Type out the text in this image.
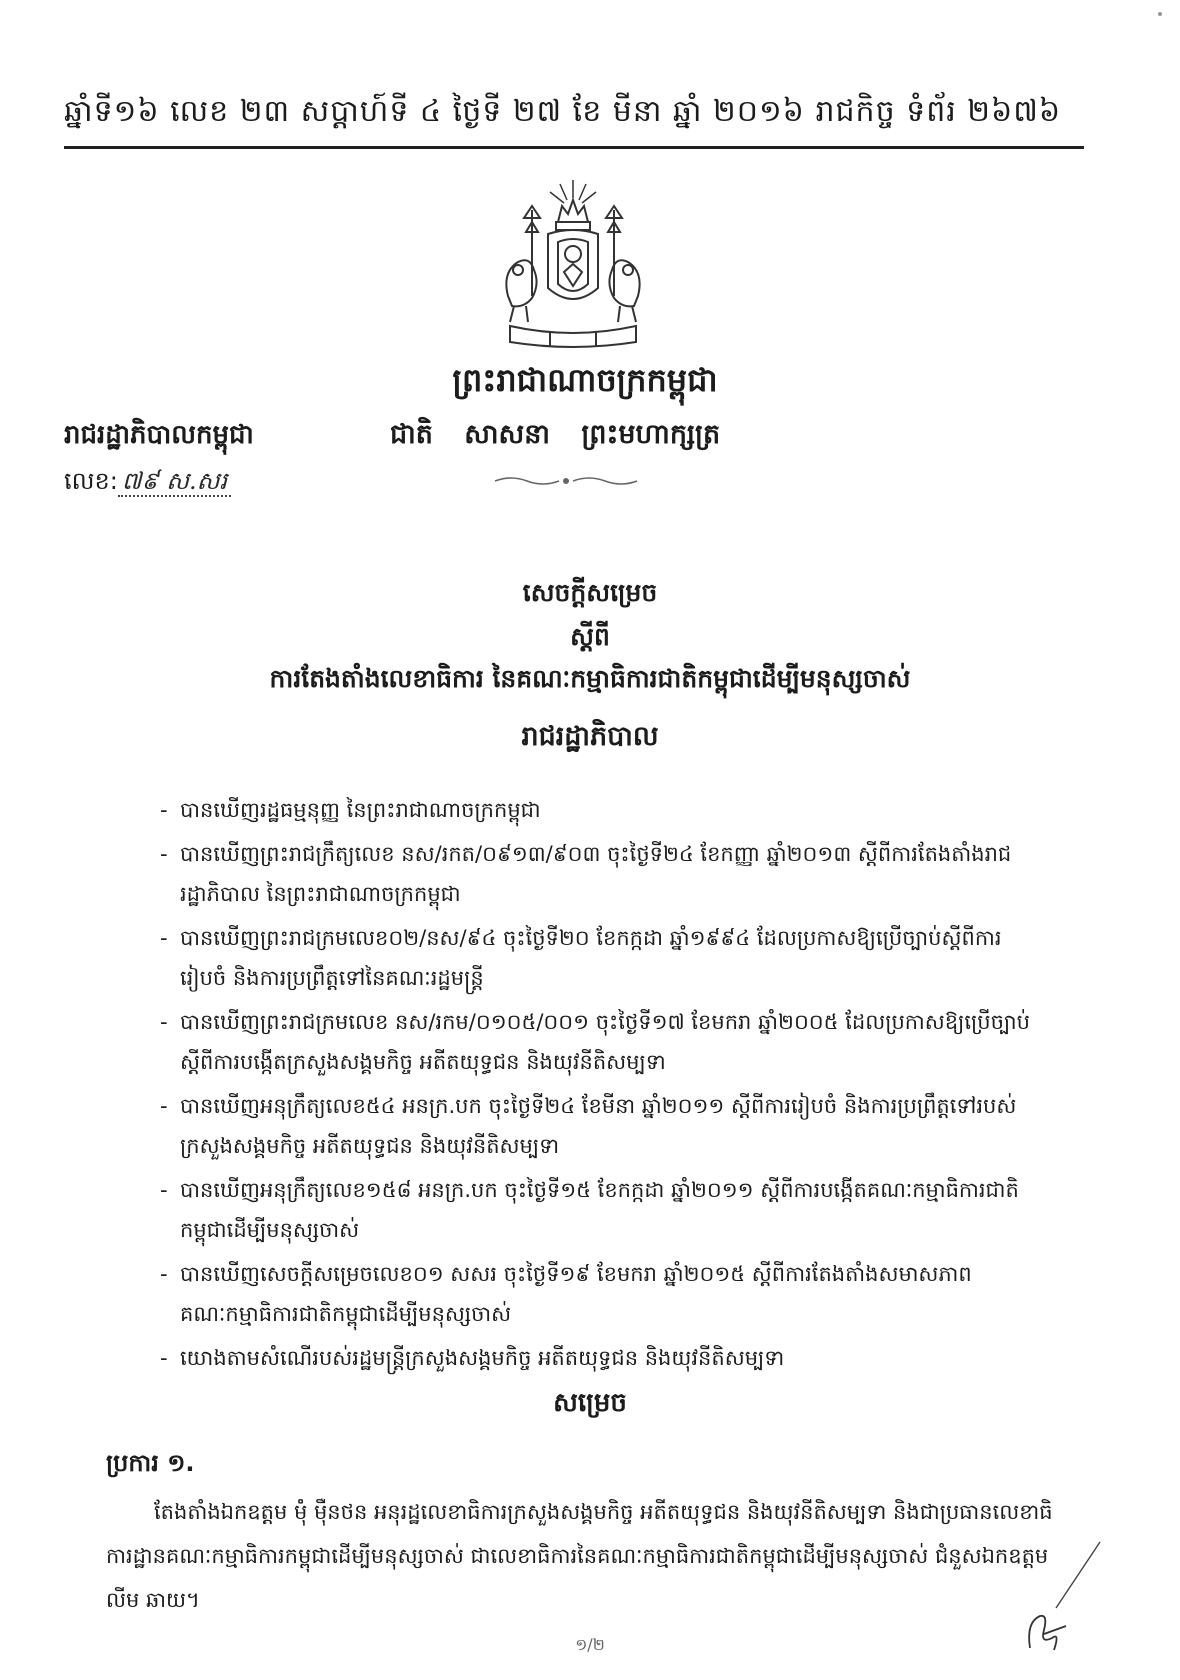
ឆ្នាំទី១៦ លេខ ២៣ សប្តាហ៍ទី ៤ ថ្ងៃទី ២៧ ខែ មីនា ឆ្នាំ ២០១៦ រាជកិច្ច ទំព័រ ២៦៧៦
ព្រះរាជាណាចក្រកម្ពុជា
ជាតិ សាសនា ព្រះមហាក្សត្រ
រាជរដ្ឋាភិបាលកម្ពុជា
លេខ: ៧៩ ស.សរ
សេចក្តីសម្រេច
ស្តីពី
ការតែងតាំងលេខាធិការ នៃគណៈកម្មាធិការជាតិកម្ពុជាដើម្បីមនុស្សចាស់
រាជរដ្ឋាភិបាល
- បានឃើញរដ្ឋធម្មនុញ្ញ នៃព្រះរាជាណាចក្រកម្ពុជា
- បានឃើញព្រះរាជក្រឹត្យលេខ នស/រកត/០៩១៣/៩០៣ ចុះថ្ងៃទី២៤ ខែកញ្ញា ឆ្នាំ២០១៣ ស្តីពីការតែងតាំងរាជរដ្ឋាភិបាល នៃព្រះរាជាណាចក្រកម្ពុជា
- បានឃើញព្រះរាជក្រមលេខ០២/នស/៩៤ ចុះថ្ងៃទី២០ ខែកក្កដា ឆ្នាំ១៩៩៤ ដែលប្រកាសឱ្យប្រើច្បាប់ស្តីពីការរៀបចំ និងការប្រព្រឹត្តទៅនៃគណៈរដ្ឋមន្ត្រី
- បានឃើញព្រះរាជក្រមលេខ នស/រកម/០១០៥/០០១ ចុះថ្ងៃទី១៧ ខែមករា ឆ្នាំ២០០៥ ដែលប្រកាសឱ្យប្រើច្បាប់ស្តីពីការបង្កើតក្រសួងសង្គមកិច្ច អតីតយុទ្ធជន និងយុវនីតិសម្បទា
- បានឃើញអនុក្រឹត្យលេខ៥៤ អនក្រ.បក ចុះថ្ងៃទី២៤ ខែមីនា ឆ្នាំ២០១១ ស្តីពីការរៀបចំ និងការប្រព្រឹត្តទៅរបស់ក្រសួងសង្គមកិច្ច អតីតយុទ្ធជន និងយុវនីតិសម្បទា
- បានឃើញអនុក្រឹត្យលេខ១៥៨ អនក្រ.បក ចុះថ្ងៃទី១៥ ខែកក្កដា ឆ្នាំ២០១១ ស្តីពីការបង្កើតគណៈកម្មាធិការជាតិកម្ពុជាដើម្បីមនុស្សចាស់
- បានឃើញសេចក្តីសម្រេចលេខ០១ សសរ ចុះថ្ងៃទី១៩ ខែមករា ឆ្នាំ២០១៥ ស្តីពីការតែងតាំងសមាសភាពគណៈកម្មាធិការជាតិកម្ពុជាដើម្បីមនុស្សចាស់
- យោងតាមសំណើរបស់រដ្ឋមន្ត្រីក្រសួងសង្គមកិច្ច អតីតយុទ្ធជន និងយុវនីតិសម្បទា
សម្រេច
ប្រការ ១.

តែងតាំងឯកឧត្តម ម៉ុំ ម៉ឺនថន អនុរដ្ឋលេខាធិការក្រសួងសង្គមកិច្ច អតីតយុទ្ធជន និងយុវនីតិសម្បទា និងជាប្រធានលេខាធិការដ្ឋានគណៈកម្មាធិការកម្ពុជាដើម្បីមនុស្សចាស់ ជាលេខាធិការនៃគណៈកម្មាធិការជាតិកម្ពុជាដើម្បីមនុស្សចាស់ ជំនួសឯកឧត្តម លីម ឆាយ។

១/២
